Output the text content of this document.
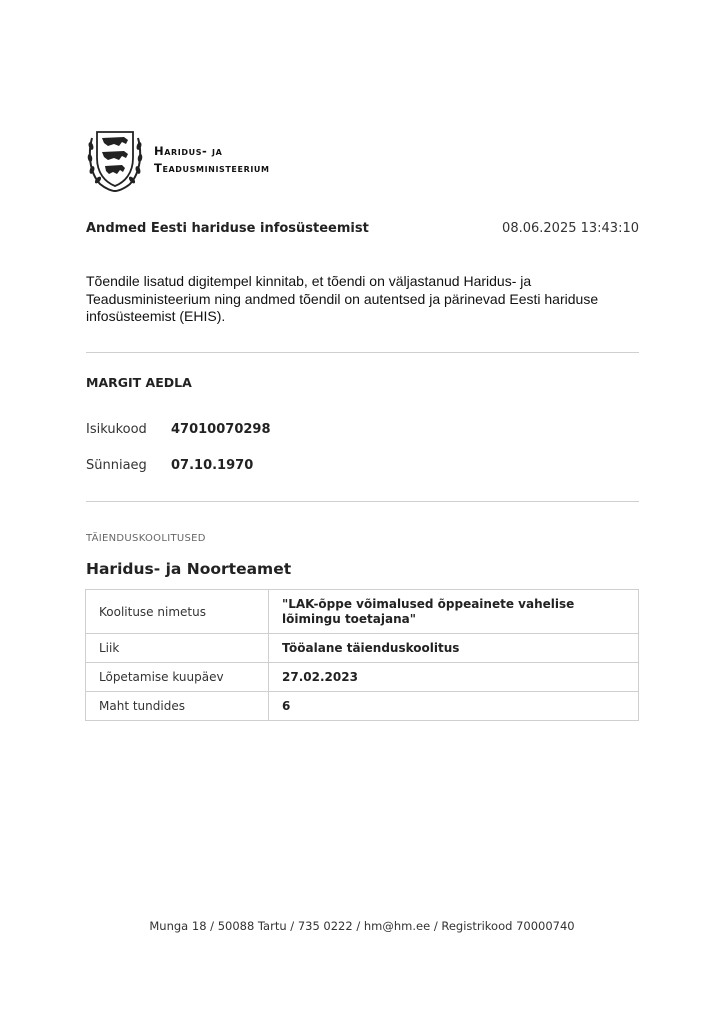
Haridus- ja
Teadusministeerium
Andmed Eesti hariduse infosüsteemist	08.06.2025 13:43:10

Tõendile lisatud digitempel kinnitab, et tõendi on väljastanud Haridus- ja Teadusministeerium ning andmed tõendil on autentsed ja pärinevad Eesti hariduse infosüsteemist (EHIS).

MARGIT AEDLA
Isikukood	47010070298
Sünniaeg	07.10.1970
TÄIENDUSKOOLITUSED
Haridus- ja Noorteamet
Koolituse nimetus	"LAK-õppe võimalused õppeainete vahelise lõimingu toetajana"
Liik	Tööalane täienduskoolitus
Lõpetamise kuupäev	27.02.2023
Maht tundides	6
Munga 18 / 50088 Tartu / 735 0222 / hm@hm.ee / Registrikood 70000740
